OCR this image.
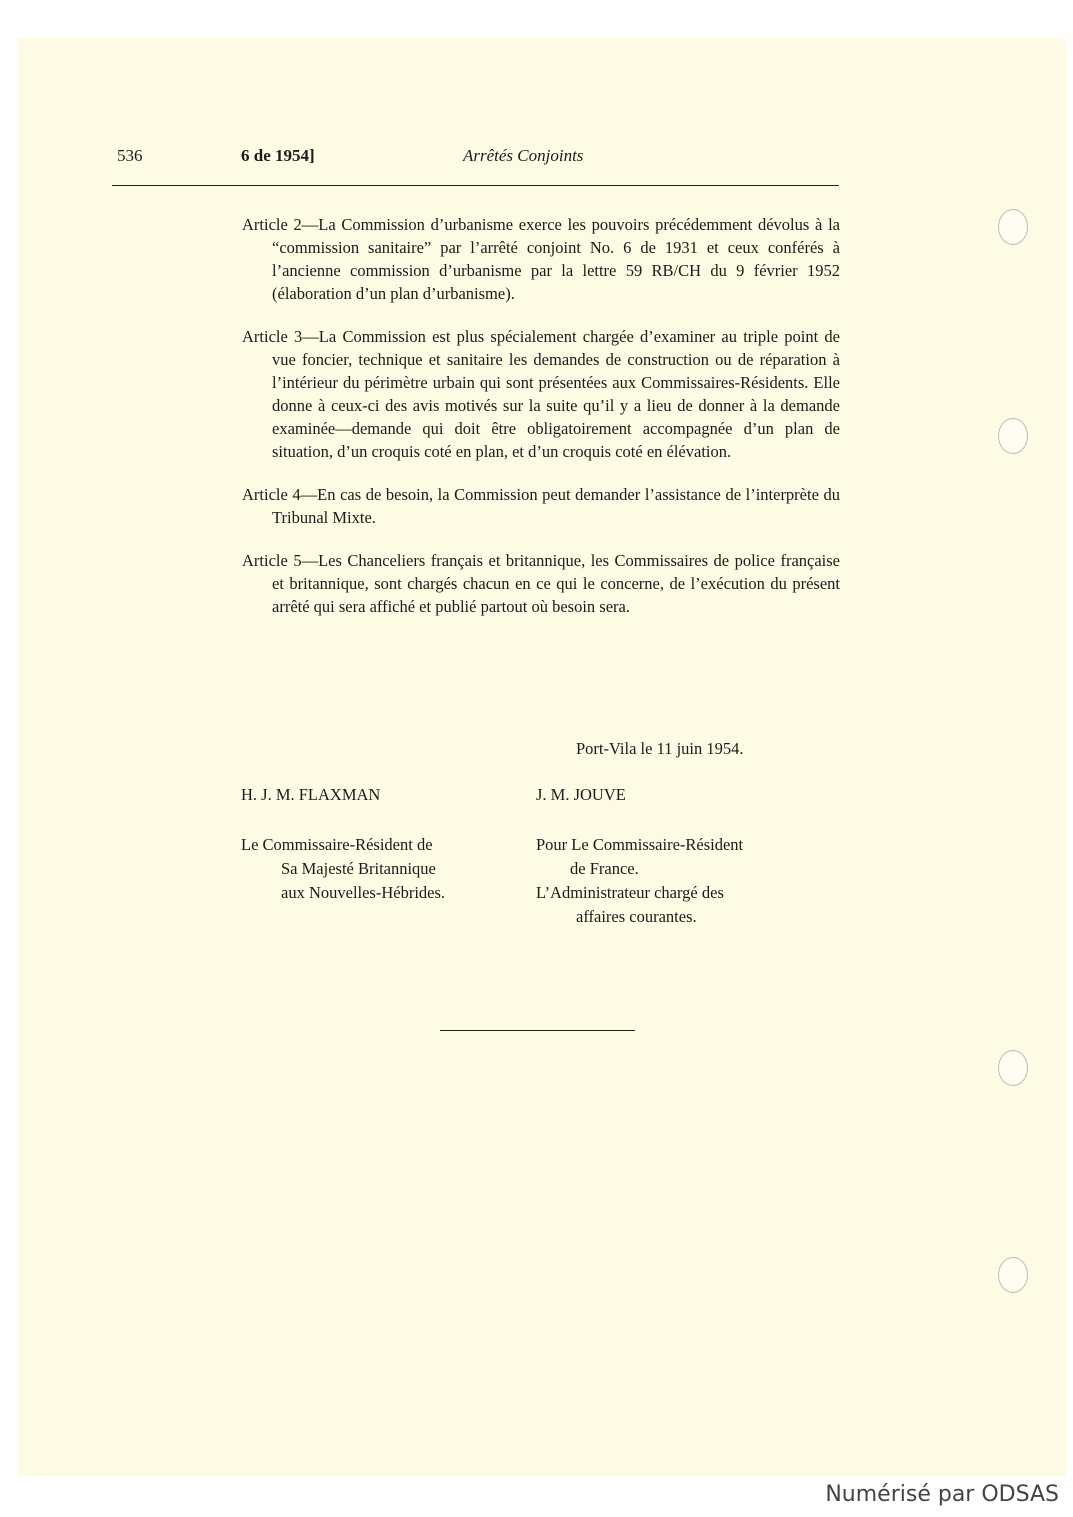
536	6 de 1954]	Arrêtés Conjoints

Article 2—La Commission d’urbanisme exerce les pouvoirs précédemment dévolus à la “commission sanitaire” par l’arrêté conjoint No. 6 de 1931 et ceux conférés à l’ancienne commission d’urbanisme par la lettre 59 RB/CH du 9 février 1952 (élaboration d’un plan d’urbanisme).

Article 3—La Commission est plus spécialement chargée d’examiner au triple point de vue foncier, technique et sanitaire les demandes de construction ou de réparation à l’intérieur du périmètre urbain qui sont présentées aux Commissaires-Résidents. Elle donne à ceux-ci des avis motivés sur la suite qu’il y a lieu de donner à la demande examinée—demande qui doit être obligatoirement accompagnée d’un plan de situation, d’un croquis coté en plan, et d’un croquis coté en élévation.

Article 4—En cas de besoin, la Commission peut demander l’assistance de l’interprète du Tribunal Mixte.

Article 5—Les Chanceliers français et britannique, les Commissaires de police française et britannique, sont chargés chacun en ce qui le concerne, de l’exécution du présent arrêté qui sera affiché et publié partout où besoin sera.

Port-Vila le 11 juin 1954.
H. J. M. FLAXMAN	J. M. JOUVE
Le Commissaire-Résident de
Sa Majesté Britannique
aux Nouvelles-Hébrides.
Pour Le Commissaire-Résident
de France.
L’Administrateur chargé des
affaires courantes.
Numérisé par ODSAS
